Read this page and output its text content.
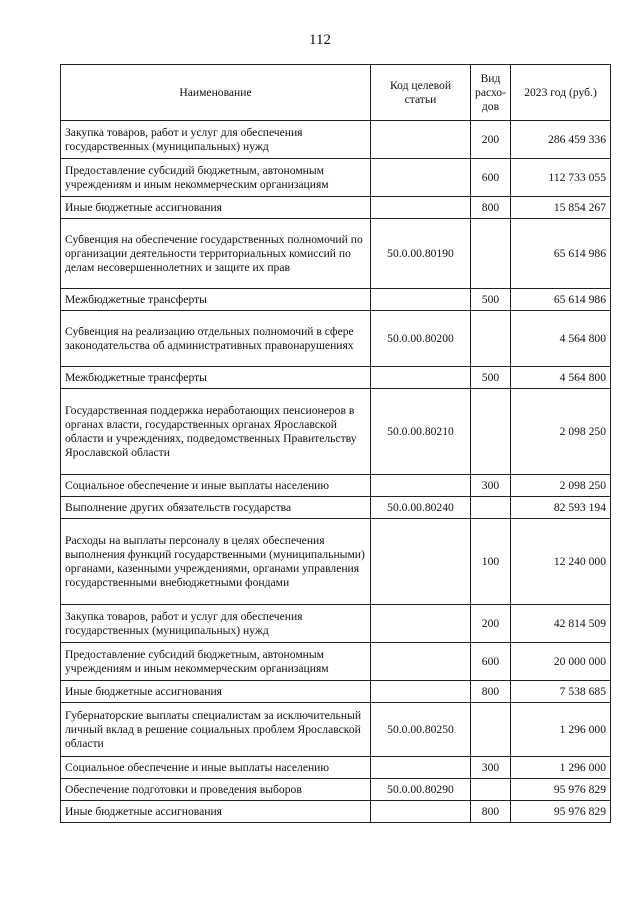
112
Наименование	Код целевой статьи	Вид расхо-дов	2023 год (руб.)
Закупка товаров, работ и услуг для обеспечения государственных (муниципальных) нужд		200	286 459 336
Предоставление субсидий бюджетным, автономным учреждениям и иным некоммерческим организациям		600	112 733 055
Иные бюджетные ассигнования		800	15 854 267
Субвенция на обеспечение государственных полномочий по организации деятельности территориальных комиссий по делам несовершеннолетних и защите их прав	50.0.00.80190		65 614 986
Межбюджетные трансферты		500	65 614 986
Субвенция на реализацию отдельных полномочий в сфере законодательства об административных правонарушениях	50.0.00.80200		4 564 800
Межбюджетные трансферты		500	4 564 800
Государственная поддержка неработающих пенсионеров в органах власти, государственных органах Ярославской области и учреждениях, подведомственных Правительству Ярославской области	50.0.00.80210		2 098 250
Социальное обеспечение и иные выплаты населению		300	2 098 250
Выполнение других обязательств государства	50.0.00.80240		82 593 194
Расходы на выплаты персоналу в целях обеспечения выполнения функций государственными (муниципальными) органами, казенными учреждениями, органами управления государственными внебюджетными фондами		100	12 240 000
Закупка товаров, работ и услуг для обеспечения государственных (муниципальных) нужд		200	42 814 509
Предоставление субсидий бюджетным, автономным учреждениям и иным некоммерческим организациям		600	20 000 000
Иные бюджетные ассигнования		800	7 538 685
Губернаторские выплаты специалистам за исключительный личный вклад в решение социальных проблем Ярославской области	50.0.00.80250		1 296 000
Социальное обеспечение и иные выплаты населению		300	1 296 000
Обеспечение подготовки и проведения выборов	50.0.00.80290		95 976 829
Иные бюджетные ассигнования		800	95 976 829
